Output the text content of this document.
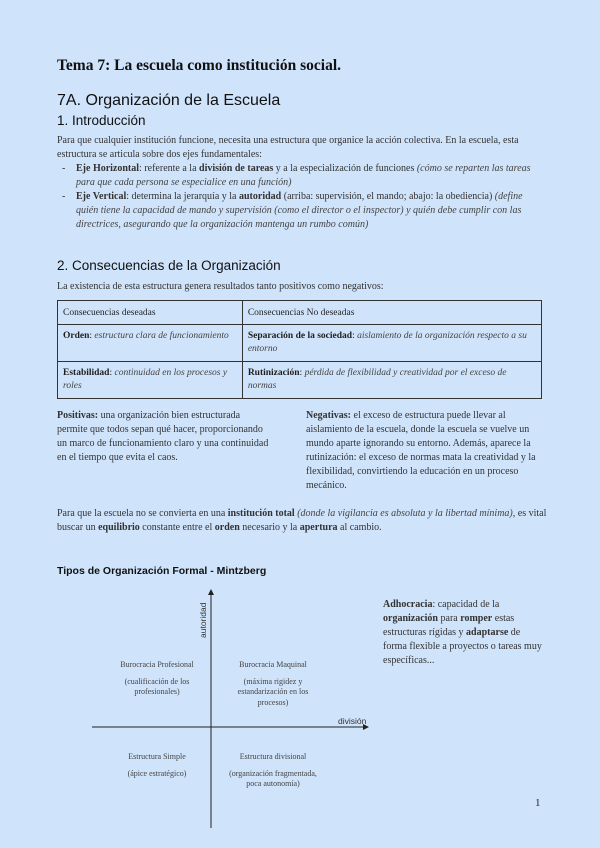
Tema 7: La escuela como institución social.
7A. Organización de la Escuela
1. Introducción
Para que cualquier institución funcione, necesita una estructura que organice la acción colectiva. En la escuela, esta estructura se articula sobre dos ejes fundamentales:
- Eje Horizontal: referente a la división de tareas y a la especialización de funciones (cómo se reparten las tareas para que cada persona se especialice en una función)
- Eje Vertical: determina la jerarquía y la autoridad (arriba: supervisión, el mando; abajo: la obediencia) (define quién tiene la capacidad de mando y supervisión (como el director o el inspector) y quién debe cumplir con las directrices, asegurando que la organización mantenga un rumbo común)
2. Consecuencias de la Organización
La existencia de esta estructura genera resultados tanto positivos como negativos:
Consecuencias deseadas	Consecuencias No deseadas
Orden: estructura clara de funcionamiento	Separación de la sociedad: aislamiento de la organización respecto a su entorno
Estabilidad: continuidad en los procesos y roles	Rutinización: pérdida de flexibilidad y creatividad por el exceso de normas
Positivas: una organización bien estructurada permite que todos sepan qué hacer, proporcionando un marco de funcionamiento claro y una continuidad en el tiempo que evita el caos.
Negativas: el exceso de estructura puede llevar al aislamiento de la escuela, donde la escuela se vuelve un mundo aparte ignorando su entorno. Además, aparece la rutinización: el exceso de normas mata la creatividad y la flexibilidad, convirtiendo la educación en un proceso mecánico.
Para que la escuela no se convierta en una institución total (donde la vigilancia es absoluta y la libertad mínima), es vital buscar un equilibrio constante entre el orden necesario y la apertura al cambio.
Tipos de Organización Formal - Mintzberg
autoridad
división
Burocracia Profesional
(cualificación de los profesionales)
Burocracia Maquinal
(máxima rigidez y estandarización en los procesos)
Estructura Simple
(ápice estratégico)
Estructura divisional
(organización fragmentada, poca autonomía)
Adhocracia: capacidad de la organización para romper estas estructuras rígidas y adaptarse de forma flexible a proyectos o tareas muy específicas...
1
